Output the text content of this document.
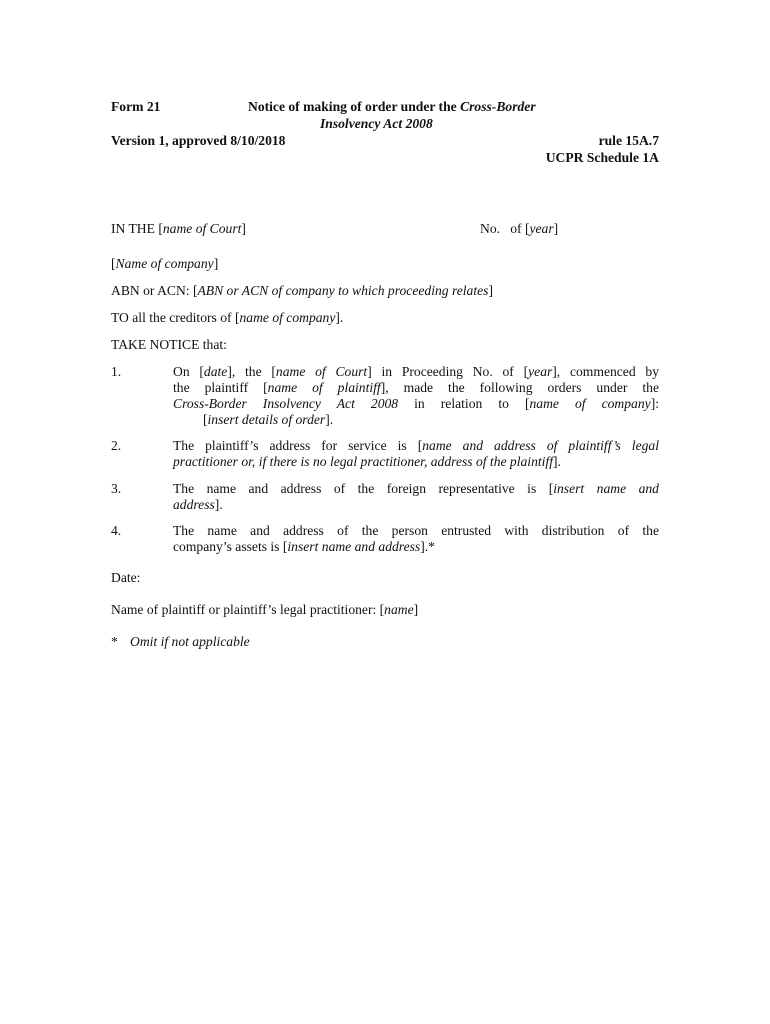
Form 21	Notice of making of order under the Cross-Border
Insolvency Act 2008
Version 1, approved 8/10/2018	rule 15A.7
UCPR Schedule 1A
IN THE [name of Court]	No. of [year]
[Name of company]
ABN or ACN: [ABN or ACN of company to which proceeding relates]
TO all the creditors of [name of company].
TAKE NOTICE that:
1.	On [date], the [name of Court] in Proceeding No. of [year], commenced by
the plaintiff [name of plaintiff], made the following orders under the
Cross-Border Insolvency Act 2008 in relation to [name of company]:
[insert details of order].
2.	The plaintiff’s address for service is [name and address of plaintiff’s legal
practitioner or, if there is no legal practitioner, address of the plaintiff].
3.	The name and address of the foreign representative is [insert name and
address].
4.	The name and address of the person entrusted with distribution of the
company’s assets is [insert name and address].*
Date:
Name of plaintiff or plaintiff’s legal practitioner: [name]
* Omit if not applicable
